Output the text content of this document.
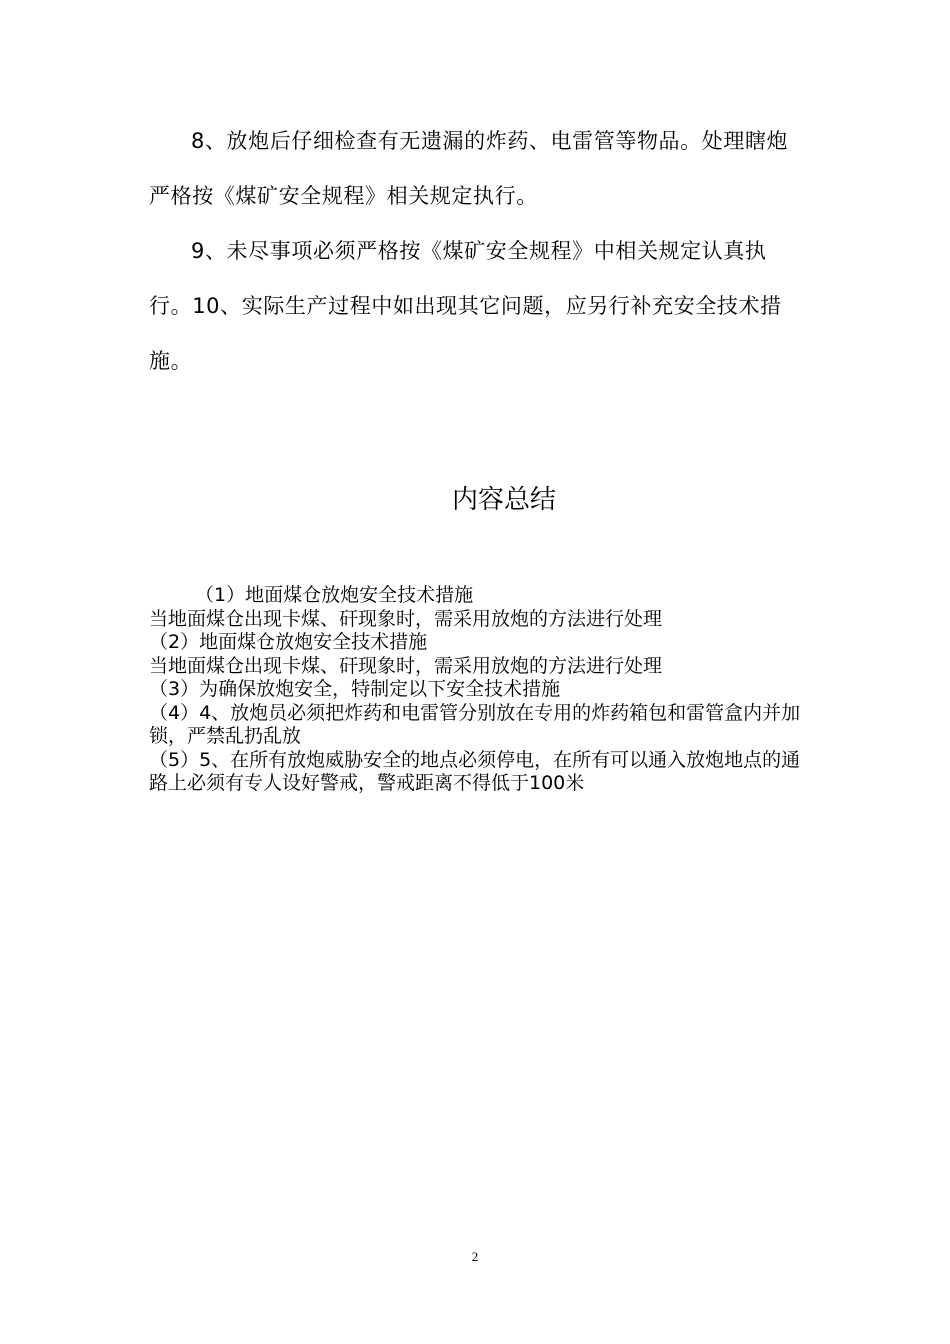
8、放炮后仔细检查有无遗漏的炸药、电雷管等物品。处理瞎炮严格按《煤矿安全规程》相关规定执行。

9、未尽事项必须严格按《煤矿安全规程》中相关规定认真执行。10、实际生产过程中如出现其它问题，应另行补充安全技术措施。

内容总结
（1）地面煤仓放炮安全技术措施
当地面煤仓出现卡煤、矸现象时，需采用放炮的方法进行处理
（2）地面煤仓放炮安全技术措施
当地面煤仓出现卡煤、矸现象时，需采用放炮的方法进行处理
（3）为确保放炮安全，特制定以下安全技术措施
（4）4、放炮员必须把炸药和电雷管分别放在专用的炸药箱包和雷管盒内并加锁，严禁乱扔乱放
（5）5、在所有放炮威胁安全的地点必须停电，在所有可以通入放炮地点的通路上必须有专人设好警戒，警戒距离不得低于100米
2
